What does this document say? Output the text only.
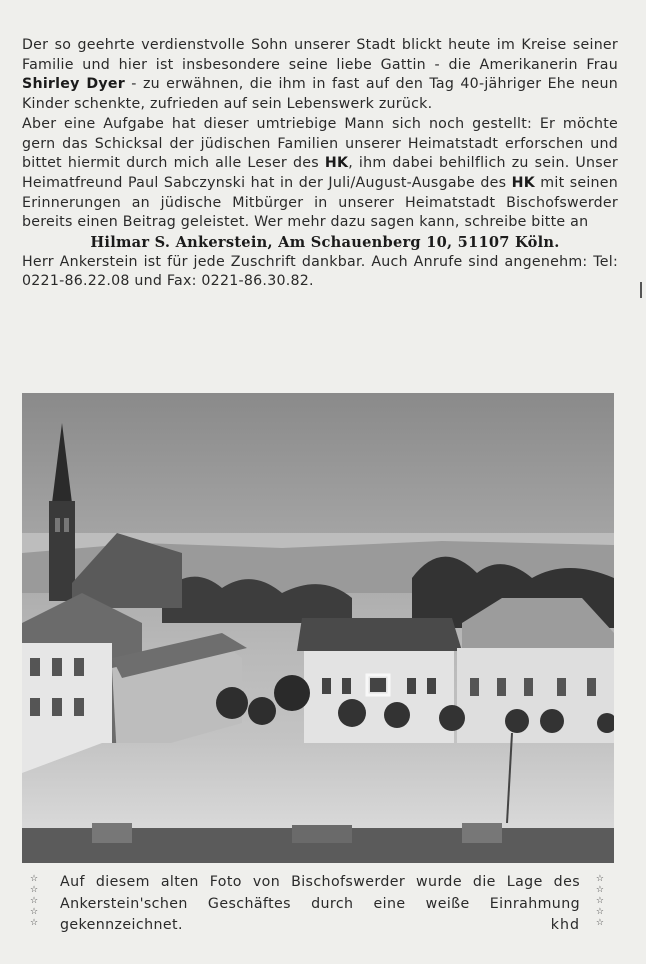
Der so geehrte verdienstvolle Sohn unserer Stadt blickt heute im Kreise seiner Familie und hier ist insbesondere seine liebe Gattin - die Amerikanerin Frau Shirley Dyer - zu erwähnen, die ihm in fast auf den Tag 40-jähriger Ehe neun Kinder schenkte, zufrieden auf sein Lebenswerk zurück.

Aber eine Aufgabe hat dieser umtriebige Mann sich noch gestellt: Er möchte gern das Schicksal der jüdischen Familien unserer Heimatstadt erforschen und bittet hiermit durch mich alle Leser des HK, ihm dabei behilflich zu sein. Unser Heimatfreund Paul Sabczynski hat in der Juli/August-Ausgabe des HK mit seinen Erinnerungen an jüdische Mitbürger in unserer Heimatstadt Bischofswerder bereits einen Beitrag geleistet. Wer mehr dazu sagen kann, schreibe bitte an

Hilmar S. Ankerstein, Am Schauenberg 10, 51107 Köln.

Herr Ankerstein ist für jede Zuschrift dankbar. Auch Anrufe sind angenehm: Tel: 0221-86.22.08 und Fax: 0221-86.30.82.

☆
☆
☆
☆
☆
Auf diesem alten Foto von Bischofswerder wurde die Lage des Ankerstein'schen Geschäftes durch eine weiße Einrahmung gekennzeichnet.	khd
☆
☆
☆
☆
☆
